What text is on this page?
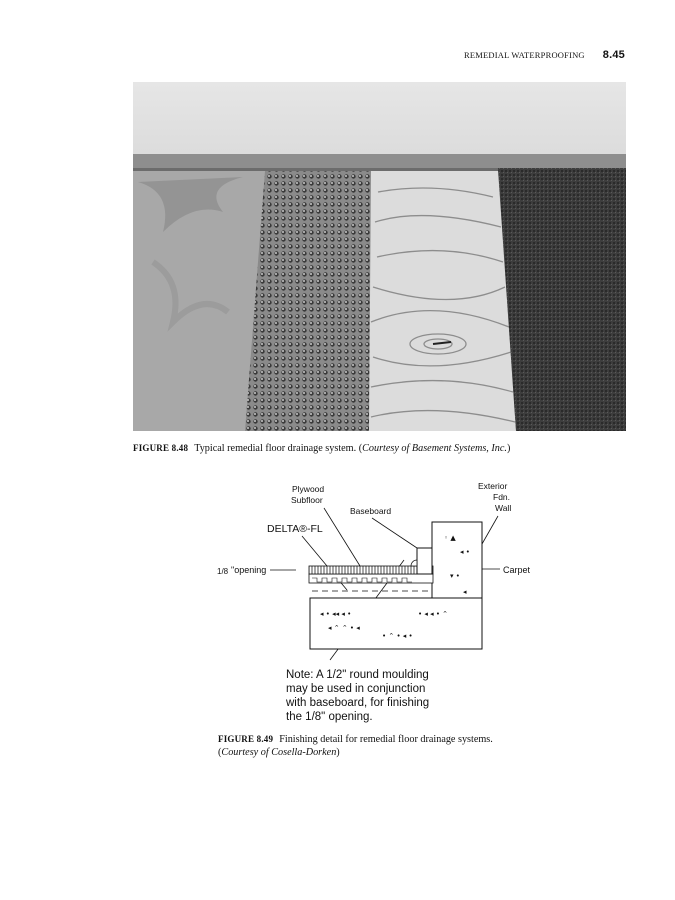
REMEDIAL WATERPROOFING 8.45
FIGURE 8.48 Typical remedial floor drainage system. (Courtesy of Basement Systems, Inc.)
Plywood
Subfloor
Baseboard
Exterior
Fdn.
Wall
DELTA®-FL
1/8 "opening	Carpet
◦ ▲
◂ •
▾ •
◂
◂ • ◂◂ ◂ •
◂ ⌃ ⌃ • ◂
• ⌃ • ◂ •
• ◂ ◂ • ⌃
Note: A 1/2" round moulding
may be used in conjunction
with baseboard, for finishing
the 1/8" opening.
FIGURE 8.49 Finishing detail for remedial floor drainage systems.
(Courtesy of Cosella-Dorken)
